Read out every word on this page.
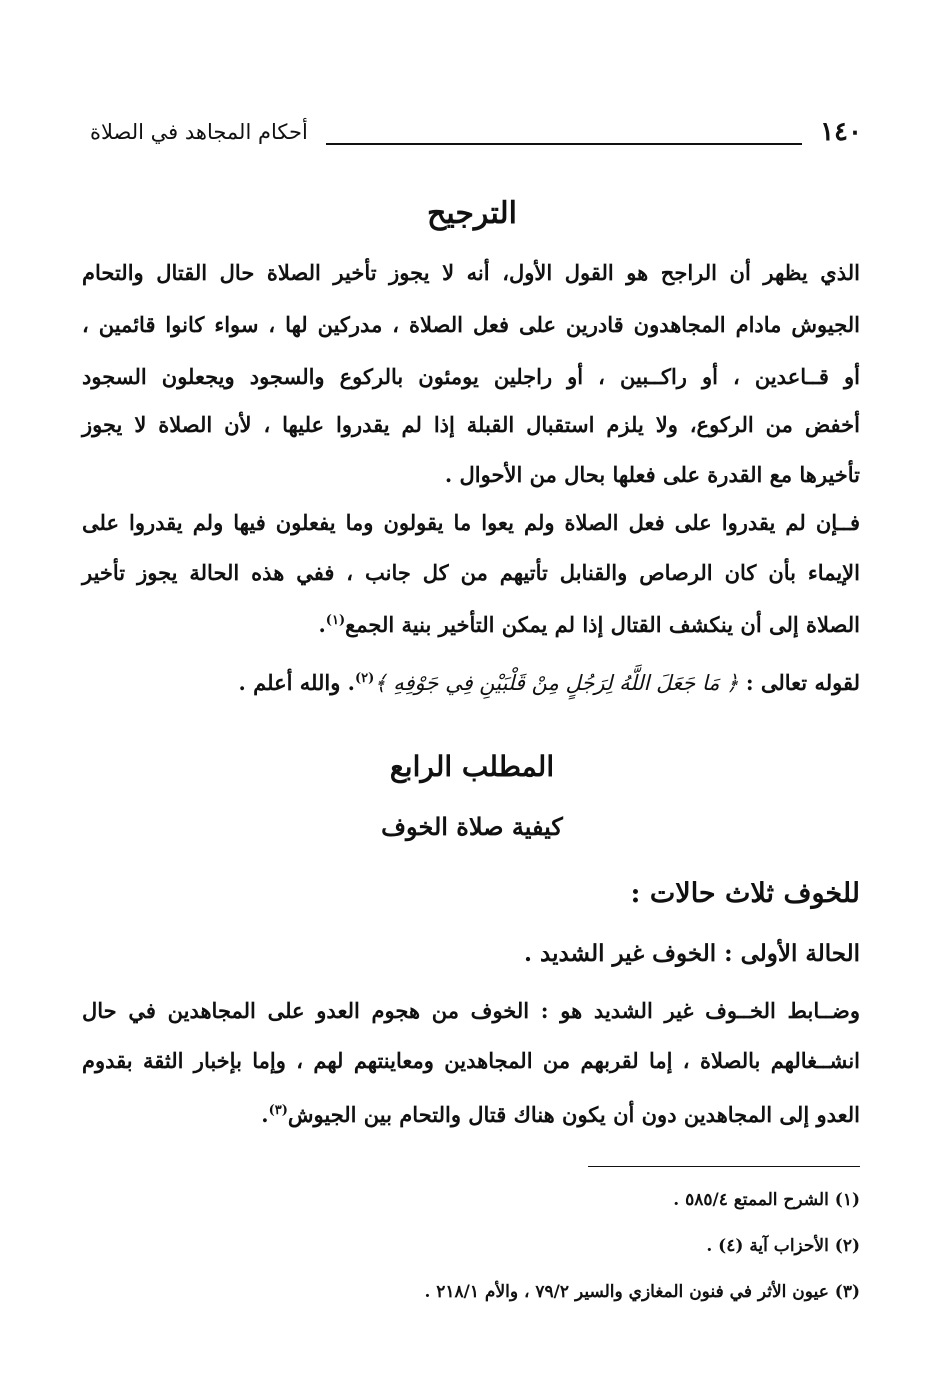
١٤٠
أحكام المجاهد في الصلاة
الترجيح

الذي يظهر أن الراجح هو القول الأول، أنه لا يجوز تأخير الصلاة حال القتال والتحام

الجيوش مادام المجاهدون قادرين على فعل الصلاة ، مدركين لها ، سواء كانوا قائمين ،

أو قــاعدين ، أو راكــبين ، أو راجلين يومئون بالركوع والسجود ويجعلون السجود

أخفض من الركوع، ولا يلزم استقبال القبلة إذا لم يقدروا عليها ، لأن الصلاة لا يجوز

تأخيرها مع القدرة على فعلها بحال من الأحوال .

فــإن لم يقدروا على فعل الصلاة ولم يعوا ما يقولون وما يفعلون فيها ولم يقدروا على

الإيماء بأن كان الرصاص والقنابل تأتيهم من كل جانب ، ففي هذه الحالة يجوز تأخير

الصلاة إلى أن ينكشف القتال إذا لم يمكن التأخير بنية الجمع$^{(١)}$.

لقوله تعالى : ﴿ مَا جَعَلَ اللَّهُ لِرَجُلٍ مِنْ قَلْبَيْنِ فِي جَوْفِهِ ﴾$^{(٢)}$. والله أعلم .

المطلب الرابع
كيفية صلاة الخوف

للخوف ثلاث حالات :

الحالة الأولى : الخوف غير الشديد .

وضــابط الخــوف غير الشديد هو : الخوف من هجوم العدو على المجاهدين في حال

انشــغالهم بالصلاة ، إما لقربهم من المجاهدين ومعاينتهم لهم ، وإما بإخبار الثقة بقدوم

العدو إلى المجاهدين دون أن يكون هناك قتال والتحام بين الجيوش$^{(٣)}$.

(١) الشرح الممتع ٥٨٥/٤ .

(٢) الأحزاب آية (٤) .

(٣) عيون الأثر في فنون المغازي والسير ٧٩/٢ ، والأم ٢١٨/١ .
